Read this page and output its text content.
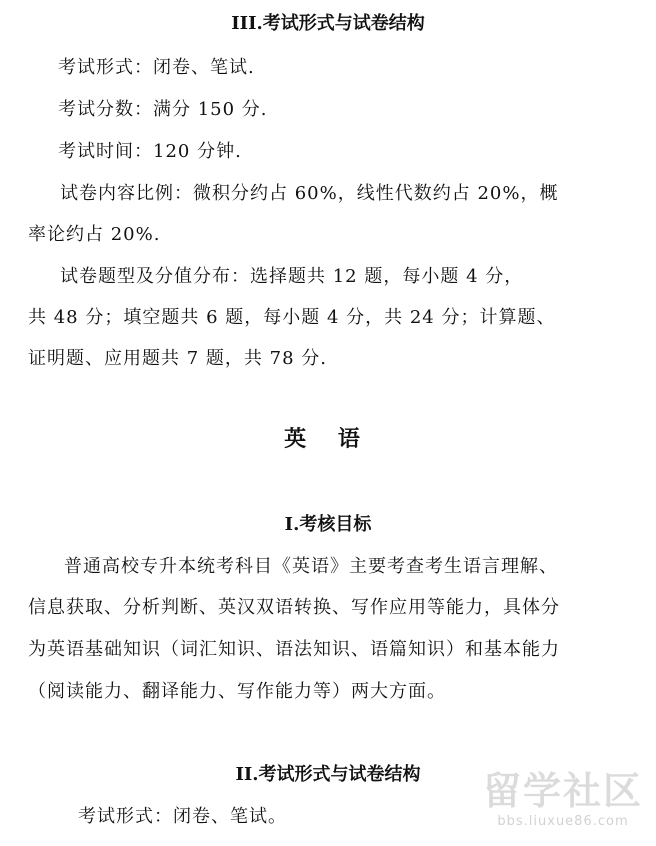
III.考试形式与试卷结构
考试形式：闭卷、笔试.
考试分数：满分 150 分.
考试时间：120 分钟.
试卷内容比例：微积分约占 60%，线性代数约占 20%，概
率论约占 20%.
试卷题型及分值分布：选择题共 12 题，每小题 4 分，
共 48 分；填空题共 6 题，每小题 4 分，共 24 分；计算题、
证明题、应用题共 7 题，共 78 分.
英 语
I.考核目标
普通高校专升本统考科目《英语》主要考查考生语言理解、
信息获取、分析判断、英汉双语转换、写作应用等能力，具体分
为英语基础知识（词汇知识、语法知识、语篇知识）和基本能力
（阅读能力、翻译能力、写作能力等）两大方面。
II.考试形式与试卷结构
考试形式：闭卷、笔试。
留学社区
bbs.liuxue86.com
